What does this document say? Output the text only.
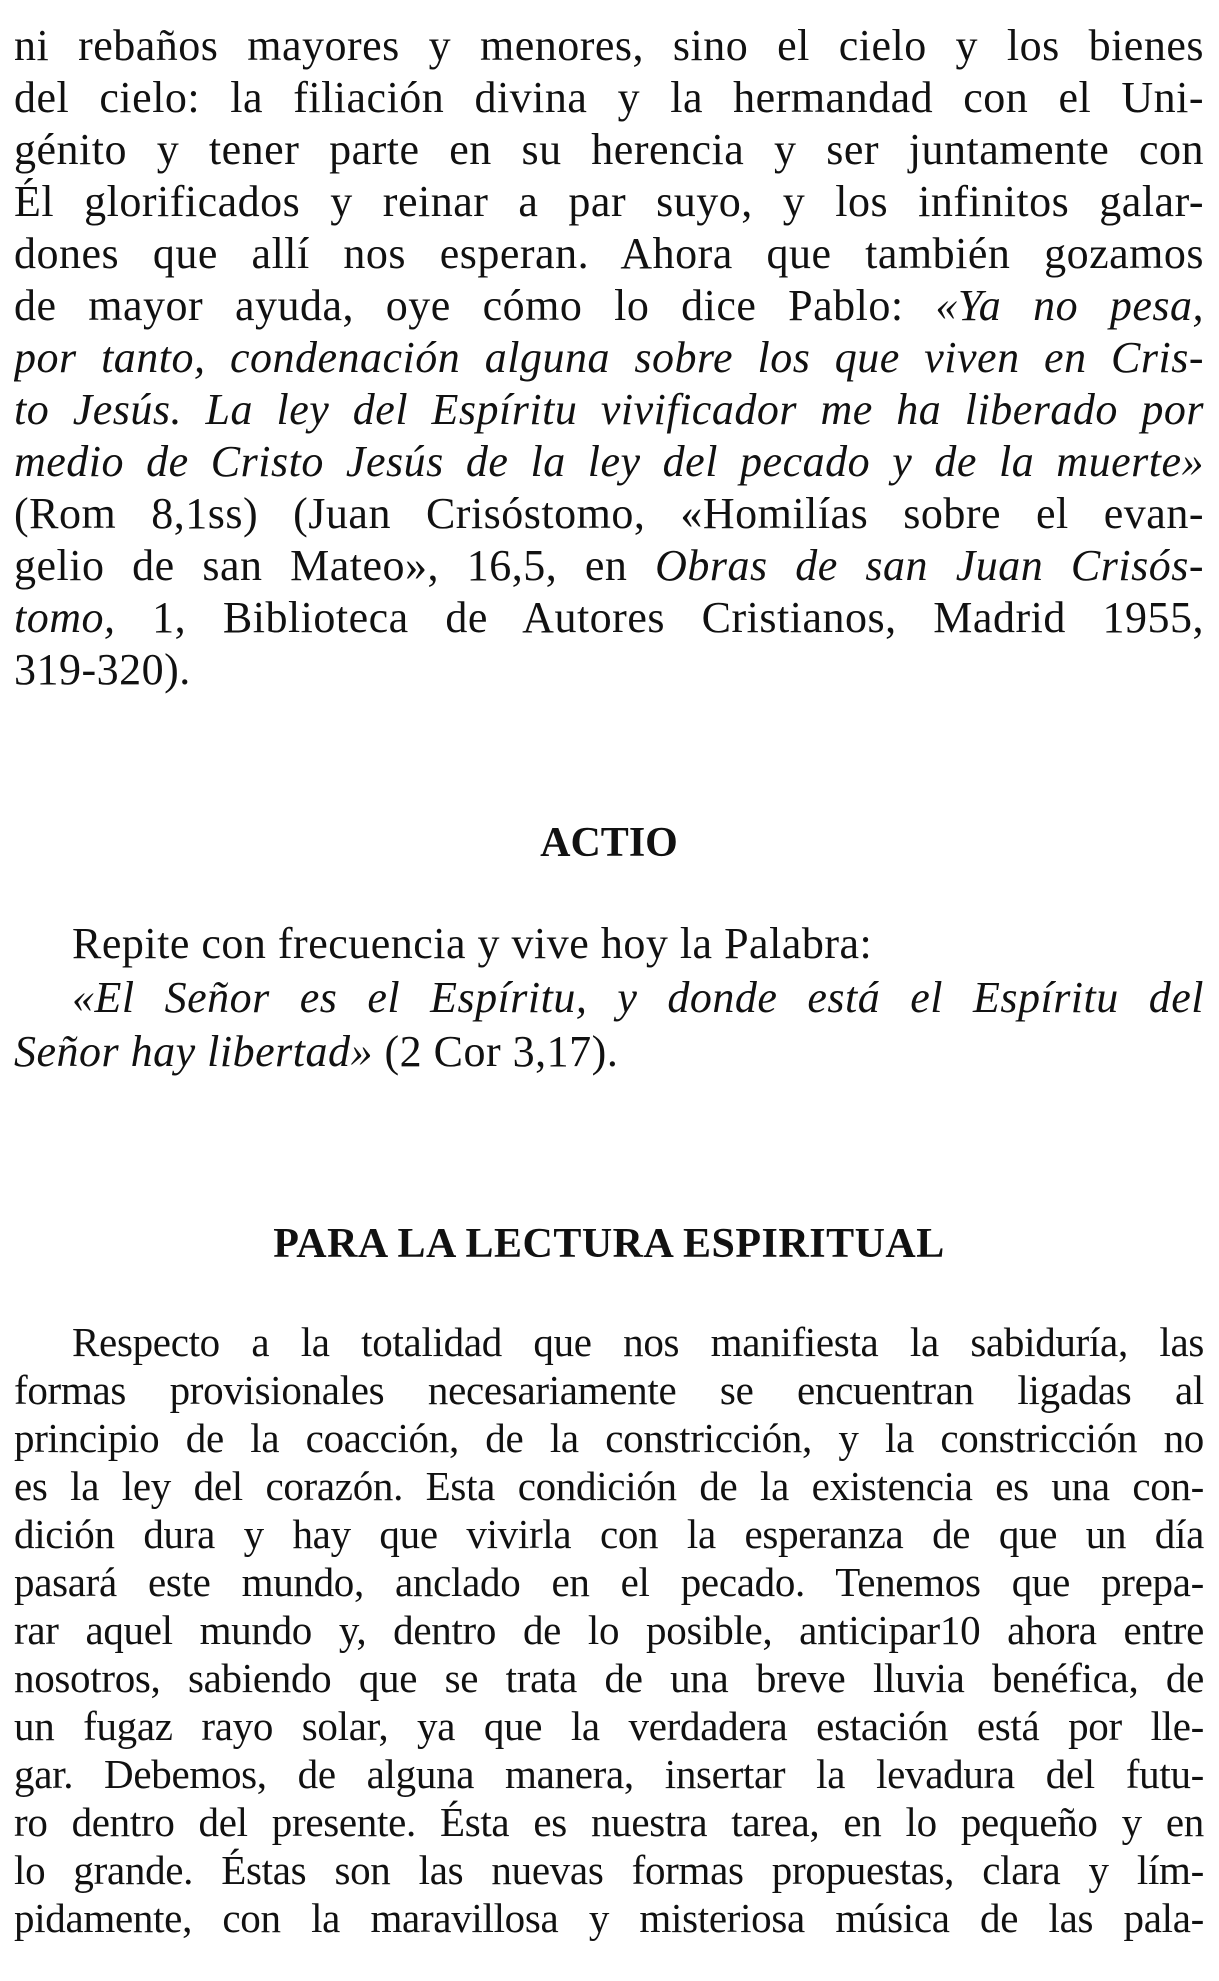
ni rebaños mayores y menores, sino el cielo y los bienes
del cielo: la filiación divina y la hermandad con el Uni-
génito y tener parte en su herencia y ser juntamente con
Él glorificados y reinar a par suyo, y los infinitos galar-
dones que allí nos esperan. Ahora que también gozamos
de mayor ayuda, oye cómo lo dice Pablo: «Ya no pesa,
por tanto, condenación alguna sobre los que viven en Cris-
to Jesús. La ley del Espíritu vivificador me ha liberado por
medio de Cristo Jesús de la ley del pecado y de la muerte»
(Rom 8,1ss) (Juan Crisóstomo, «Homilías sobre el evan-
gelio de san Mateo», 16,5, en Obras de san Juan Crisós-
tomo, 1, Biblioteca de Autores Cristianos, Madrid 1955,
319-320).
ACTIO
Repite con frecuencia y vive hoy la Palabra:
«El Señor es el Espíritu, y donde está el Espíritu del
Señor hay libertad» (2 Cor 3,17).
PARA LA LECTURA ESPIRITUAL
Respecto a la totalidad que nos manifiesta la sabiduría, las
formas provisionales necesariamente se encuentran ligadas al
principio de la coacción, de la constricción, y la constricción no
es la ley del corazón. Esta condición de la existencia es una con-
dición dura y hay que vivirla con la esperanza de que un día
pasará este mundo, anclado en el pecado. Tenemos que prepa-
rar aquel mundo y, dentro de lo posible, anticipar10 ahora entre
nosotros, sabiendo que se trata de una breve lluvia benéfica, de
un fugaz rayo solar, ya que la verdadera estación está por lle-
gar. Debemos, de alguna manera, insertar la levadura del futu-
ro dentro del presente. Ésta es nuestra tarea, en lo pequeño y en
lo grande. Éstas son las nuevas formas propuestas, clara y lím-
pidamente, con la maravillosa y misteriosa música de las pala-
